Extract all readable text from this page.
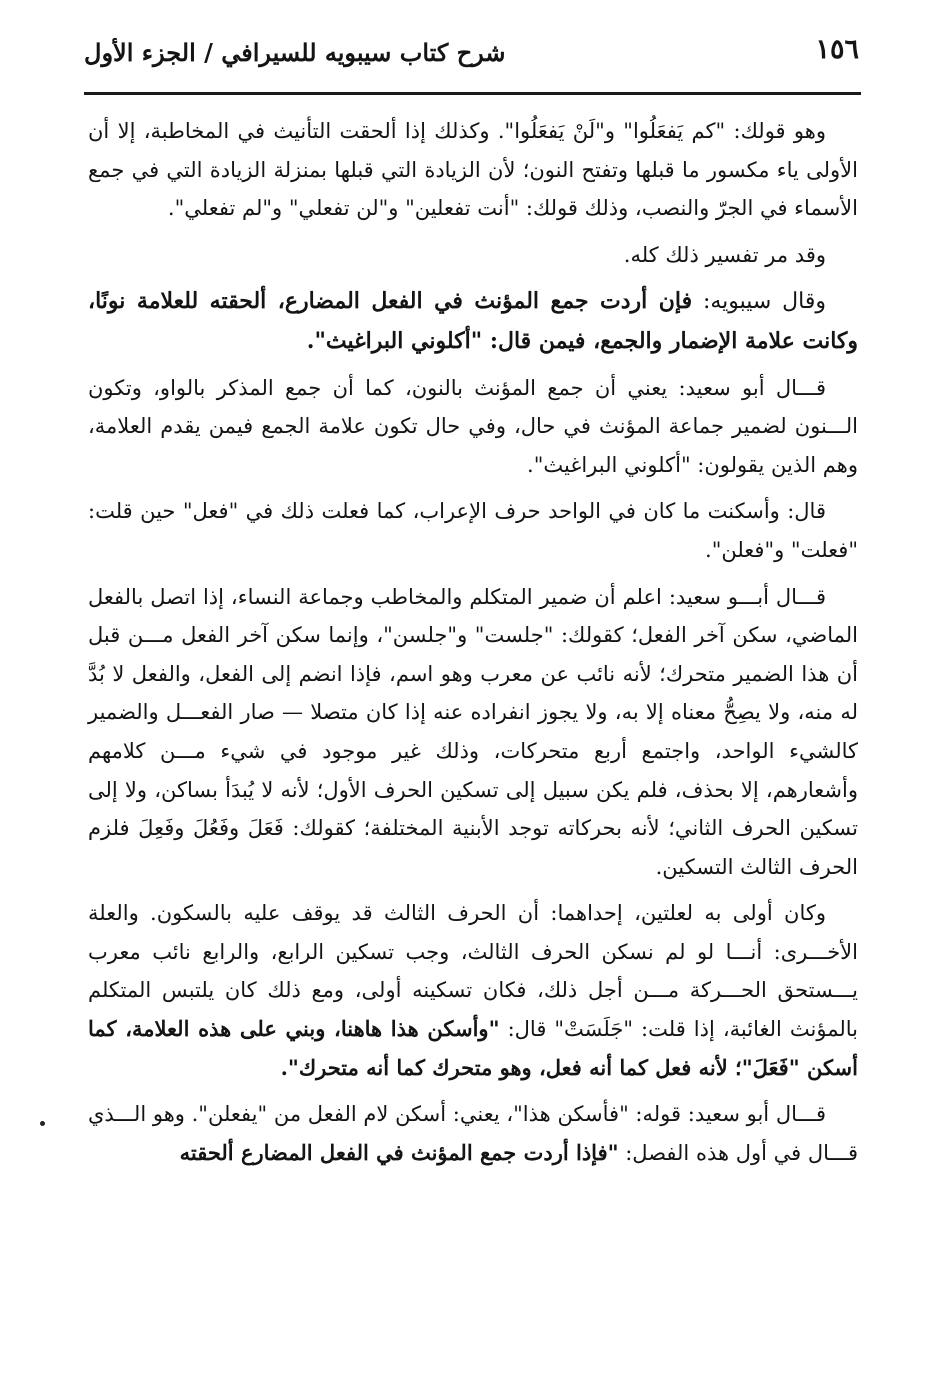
١٥٦
شرح كتاب سيبويه للسيرافي / الجزء الأول

وهو قولك: "كم يَفعَلُوا" و"لَنْ يَفعَلُوا". وكذلك إذا ألحقت التأنيث في المخاطبة، إلا أن الأولى ياء مكسور ما قبلها وتفتح النون؛ لأن الزيادة التي قبلها بمنزلة الزيادة التي في جمع الأسماء في الجرّ والنصب، وذلك قولك: "أنت تفعلين" و"لن تفعلي" و"لم تفعلي".

وقد مر تفسير ذلك كله.

وقال سيبويه: فإن أردت جمع المؤنث في الفعل المضارع، ألحقته للعلامة نونًا، وكانت علامة الإضمار والجمع، فيمن قال: "أكلوني البراغيث".

قـــال أبو سعيد: يعني أن جمع المؤنث بالنون، كما أن جمع المذكر بالواو، وتكون الـــنون لضمير جماعة المؤنث في حال، وفي حال تكون علامة الجمع فيمن يقدم العلامة، وهم الذين يقولون: "أكلوني البراغيث".

قال: وأسكنت ما كان في الواحد حرف الإعراب، كما فعلت ذلك في "فعل" حين قلت: "فعلت" و"فعلن".

قـــال أبـــو سعيد: اعلم أن ضمير المتكلم والمخاطب وجماعة النساء، إذا اتصل بالفعل الماضي، سكن آخر الفعل؛ كقولك: "جلست" و"جلسن"، وإنما سكن آخر الفعل مـــن قبل أن هذا الضمير متحرك؛ لأنه نائب عن معرب وهو اسم، فإذا انضم إلى الفعل، والفعل لا بُدَّ له منه، ولا يصِحُّ معناه إلا به، ولا يجوز انفراده عنه إذا كان متصلا — صار الفعـــل والضمير كالشيء الواحد، واجتمع أربع متحركات، وذلك غير موجود في شيء مـــن كلامهم وأشعارهم، إلا بحذف، فلم يكن سبيل إلى تسكين الحرف الأول؛ لأنه لا يُبدَأ بساكن، ولا إلى تسكين الحرف الثاني؛ لأنه بحركاته توجد الأبنية المختلفة؛ كقولك: فَعَلَ وفَعُلَ وفَعِلَ فلزم الحرف الثالث التسكين.

وكان أولى به لعلتين، إحداهما: أن الحرف الثالث قد يوقف عليه بالسكون. والعلة الأخـــرى: أنـــا لو لم نسكن الحرف الثالث، وجب تسكين الرابع، والرابع نائب معرب يـــستحق الحـــركة مـــن أجل ذلك، فكان تسكينه أولى، ومع ذلك كان يلتبس المتكلم بالمؤنث الغائبة، إذا قلت: "جَلَسَتْ" قال: "وأسكن هذا هاهنا، وبني على هذه العلامة، كما أسكن "فَعَلَ"؛ لأنه فعل كما أنه فعل، وهو متحرك كما أنه متحرك".

قـــال أبو سعيد: قوله: "فأسكن هذا"، يعني: أسكن لام الفعل من "يفعلن". وهو الـــذي قـــال في أول هذه الفصل: "فإذا أردت جمع المؤنث في الفعل المضارع ألحقته
